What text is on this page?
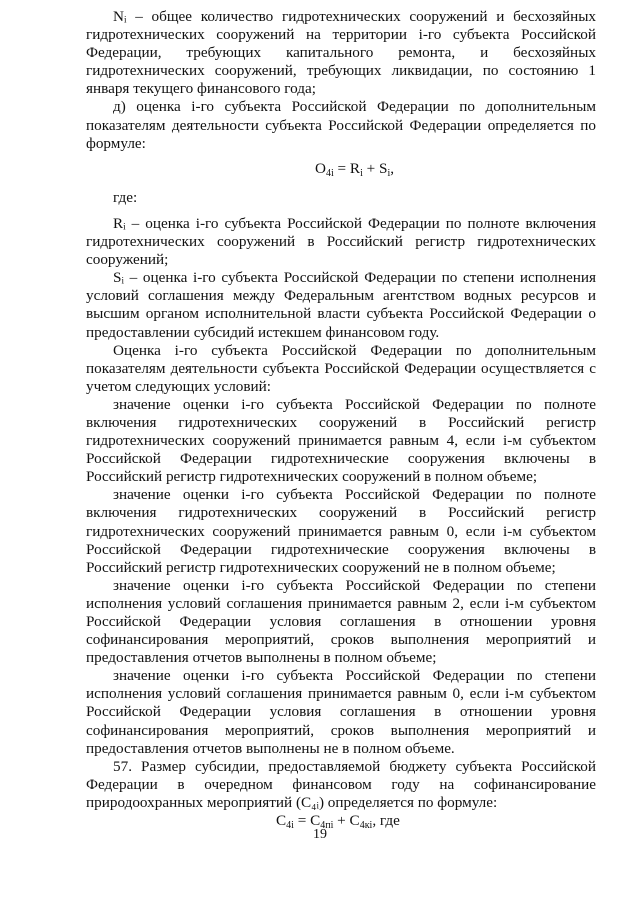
Nᵢ – общее количество гидротехнических сооружений и бесхозяйных гидротехнических сооружений на территории i-го субъекта Российской Федерации, требующих капитального ремонта, и бесхозяйных гидротехнических сооружений, требующих ликвидации, по состоянию 1 января текущего финансового года;

д) оценка i-го субъекта Российской Федерации по дополнительным показателям деятельности субъекта Российской Федерации определяется по формуле:

$O_{4i} = R_i + S_i$,
где:

Rᵢ – оценка i-го субъекта Российской Федерации по полноте включения гидротехнических сооружений в Российский регистр гидротехнических сооружений;

Sᵢ – оценка i-го субъекта Российской Федерации по степени исполнения условий соглашения между Федеральным агентством водных ресурсов и высшим органом исполнительной власти субъекта Российской Федерации о предоставлении субсидий истекшем финансовом году.

Оценка i-го субъекта Российской Федерации по дополнительным показателям деятельности субъекта Российской Федерации осуществляется с учетом следующих условий:

значение оценки i-го субъекта Российской Федерации по полноте включения гидротехнических сооружений в Российский регистр гидротехнических сооружений принимается равным 4, если i-м субъектом Российской Федерации гидротехнические сооружения включены в Российский регистр гидротехнических сооружений в полном объеме;

значение оценки i-го субъекта Российской Федерации по полноте включения гидротехнических сооружений в Российский регистр гидротехнических сооружений принимается равным 0, если i-м субъектом Российской Федерации гидротехнические сооружения включены в Российский регистр гидротехнических сооружений не в полном объеме;

значение оценки i-го субъекта Российской Федерации по степени исполнения условий соглашения принимается равным 2, если i-м субъектом Российской Федерации условия соглашения в отношении уровня софинансирования мероприятий, сроков выполнения мероприятий и предоставления отчетов выполнены в полном объеме;

значение оценки i-го субъекта Российской Федерации по степени исполнения условий соглашения принимается равным 0, если i-м субъектом Российской Федерации условия соглашения в отношении уровня софинансирования мероприятий, сроков выполнения мероприятий и предоставления отчетов выполнены не в полном объеме.

57. Размер субсидии, предоставляемой бюджету субъекта Российской Федерации в очередном финансовом году на софинансирование природоохранных мероприятий (C₄ᵢ) определяется по формуле:

$C_{4i} = C_{4пi} + C_{4кi}$, где
19
